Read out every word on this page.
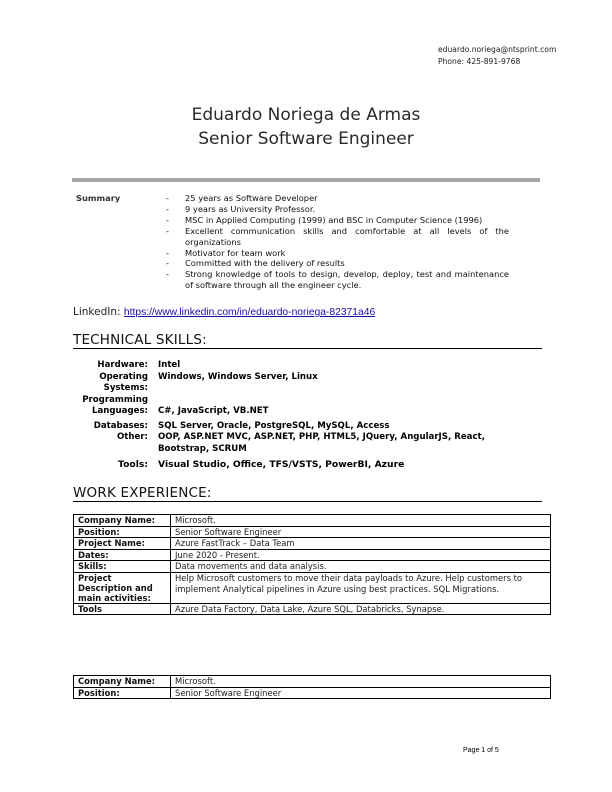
eduardo.noriega@ntsprint.com
Phone: 425-891-9768
Eduardo Noriega de Armas
Senior Software Engineer
Summary	- 25 years as Software Developer
- 9 years as University Professor.
- MSC in Applied Computing (1999) and BSC in Computer Science (1996)
- Excellent communication skills and comfortable at all levels of the organizations
- Motivator for team work
- Committed with the delivery of results
- Strong knowledge of tools to design, develop, deploy, test and maintenance of software through all the engineer cycle.
LinkedIn: https://www.linkedin.com/in/eduardo-noriega-82371a46
TECHNICAL SKILLS:
Hardware:	Intel
Operating Systems:
Windows, Windows Server, Linux
Programming Languages:	C#, JavaScript, VB.NET
Databases:	SQL Server, Oracle, PostgreSQL, MySQL, Access
Other:	OOP, ASP.NET MVC, ASP.NET, PHP, HTML5, JQuery, AngularJS, React, Bootstrap, SCRUM
Tools:	Visual Studio, Office, TFS/VSTS, PowerBI, Azure
WORK EXPERIENCE:
Company Name:	Microsoft.
Position:	Senior Software Engineer
Project Name:	Azure FastTrack – Data Team
Dates:	June 2020 - Present.
Skills:	Data movements and data analysis.
Project Description and main activities:	Help Microsoft customers to move their data payloads to Azure. Help customers to implement Analytical pipelines in Azure using best practices. SQL Migrations.
Tools	Azure Data Factory, Data Lake, Azure SQL, Databricks, Synapse.
Company Name:	Microsoft.
Position:	Senior Software Engineer
Page 1 of 5
